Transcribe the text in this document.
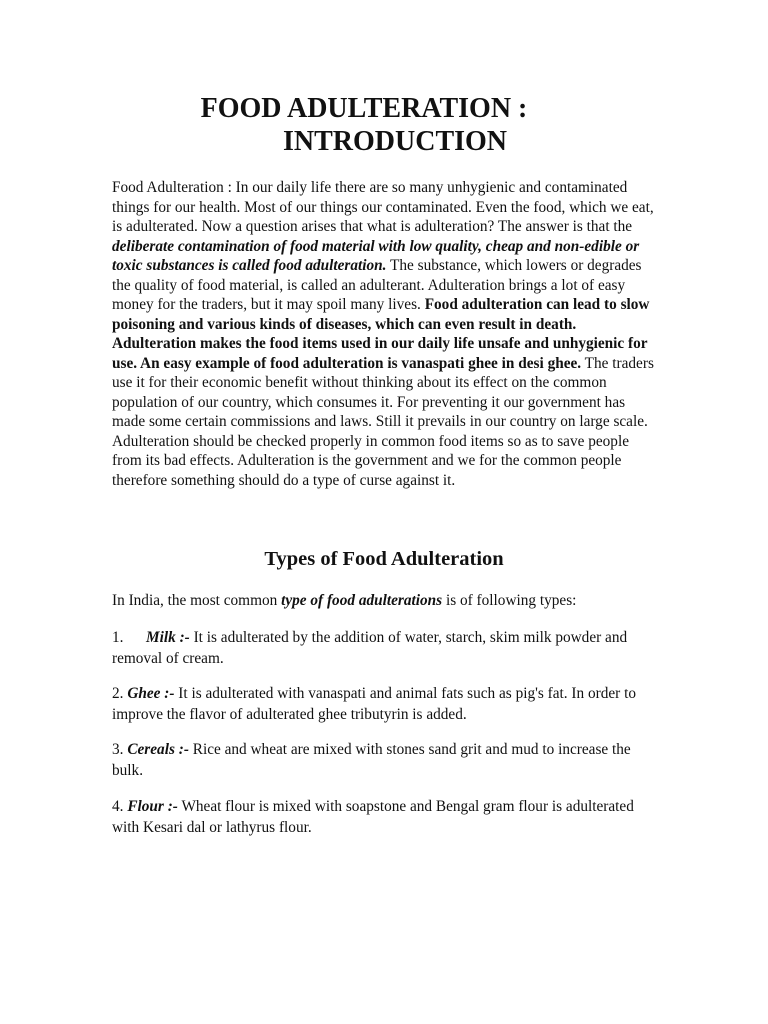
FOOD ADULTERATION :
INTRODUCTION

Food Adulteration : In our daily life there are so many unhygienic and contaminated things for our health. Most of our things our contaminated. Even the food, which we eat, is adulterated. Now a question arises that what is adulteration? The answer is that the deliberate contamination of food material with low quality, cheap and non-edible or toxic substances is called food adulteration. The substance, which lowers or degrades the quality of food material, is called an adulterant. Adulteration brings a lot of easy money for the traders, but it may spoil many lives. Food adulteration can lead to slow poisoning and various kinds of diseases, which can even result in death. Adulteration makes the food items used in our daily life unsafe and unhygienic for use. An easy example of food adulteration is vanaspati ghee in desi ghee. The traders use it for their economic benefit without thinking about its effect on the common population of our country, which consumes it. For preventing it our government has made some certain commissions and laws. Still it prevails in our country on large scale. Adulteration should be checked properly in common food items so as to save people from its bad effects. Adulteration is the government and we for the common people therefore something should do a type of curse against it.

Types of Food Adulteration

In India, the most common type of food adulterations is of following types:

1. Milk :- It is adulterated by the addition of water, starch, skim milk powder and removal of cream.

2. Ghee :- It is adulterated with vanaspati and animal fats such as pig's fat. In order to improve the flavor of adulterated ghee tributyrin is added.

3. Cereals :- Rice and wheat are mixed with stones sand grit and mud to increase the bulk.

4. Flour :- Wheat flour is mixed with soapstone and Bengal gram flour is adulterated with Kesari dal or lathyrus flour.
